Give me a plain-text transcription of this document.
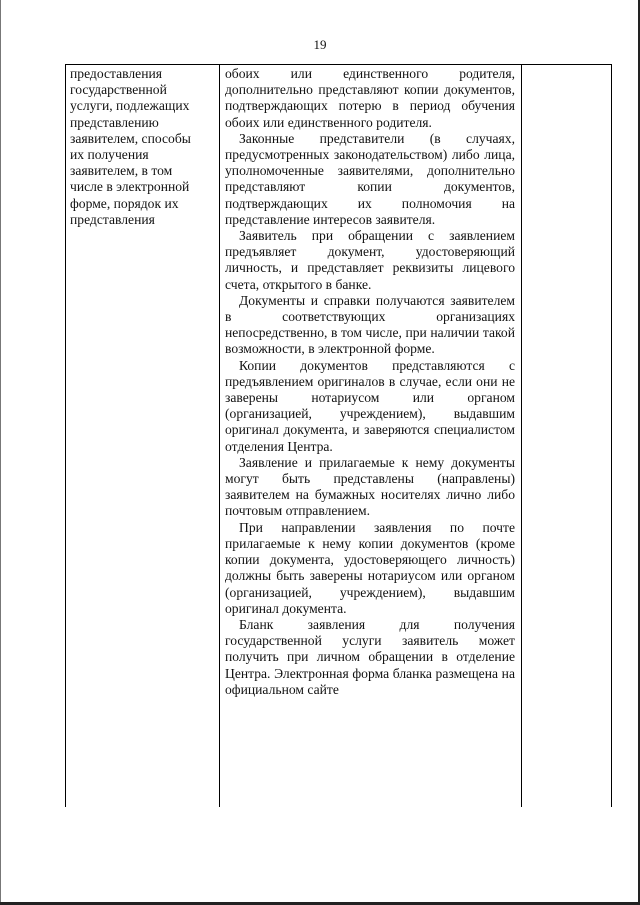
19
предоставления
государственной
услуги, подлежащих
представлению
заявителем, способы
их получения
заявителем, в том
числе в электронной
форме, порядок их
представления

обоих или единственного родителя, дополнительно представляют копии документов, подтверждающих потерю в период обучения обоих или единственного родителя.

Законные представители (в случаях, предусмотренных законодательством) либо лица, уполномоченные заявителями, дополнительно представляют копии документов, подтверждающих их полномочия на представление интересов заявителя.

Заявитель при обращении с заявлением предъявляет документ, удостоверяющий личность, и представляет реквизиты лицевого счета, открытого в банке.

Документы и справки получаются заявителем в соответствующих организациях непосредственно, в том числе, при наличии такой возможности, в электронной форме.

Копии документов представляются с предъявлением оригиналов в случае, если они не заверены нотариусом или органом (организацией, учреждением), выдавшим оригинал документа, и заверяются специалистом отделения Центра.

Заявление и прилагаемые к нему документы могут быть представлены (направлены) заявителем на бумажных носителях лично либо почтовым отправлением.

При направлении заявления по почте прилагаемые к нему копии документов (кроме копии документа, удостоверяющего личность) должны быть заверены нотариусом или органом (организацией, учреждением), выдавшим оригинал документа.

Бланк заявления для получения государственной услуги заявитель может получить при личном обращении в отделение Центра. Электронная форма бланка размещена на официальном сайте
